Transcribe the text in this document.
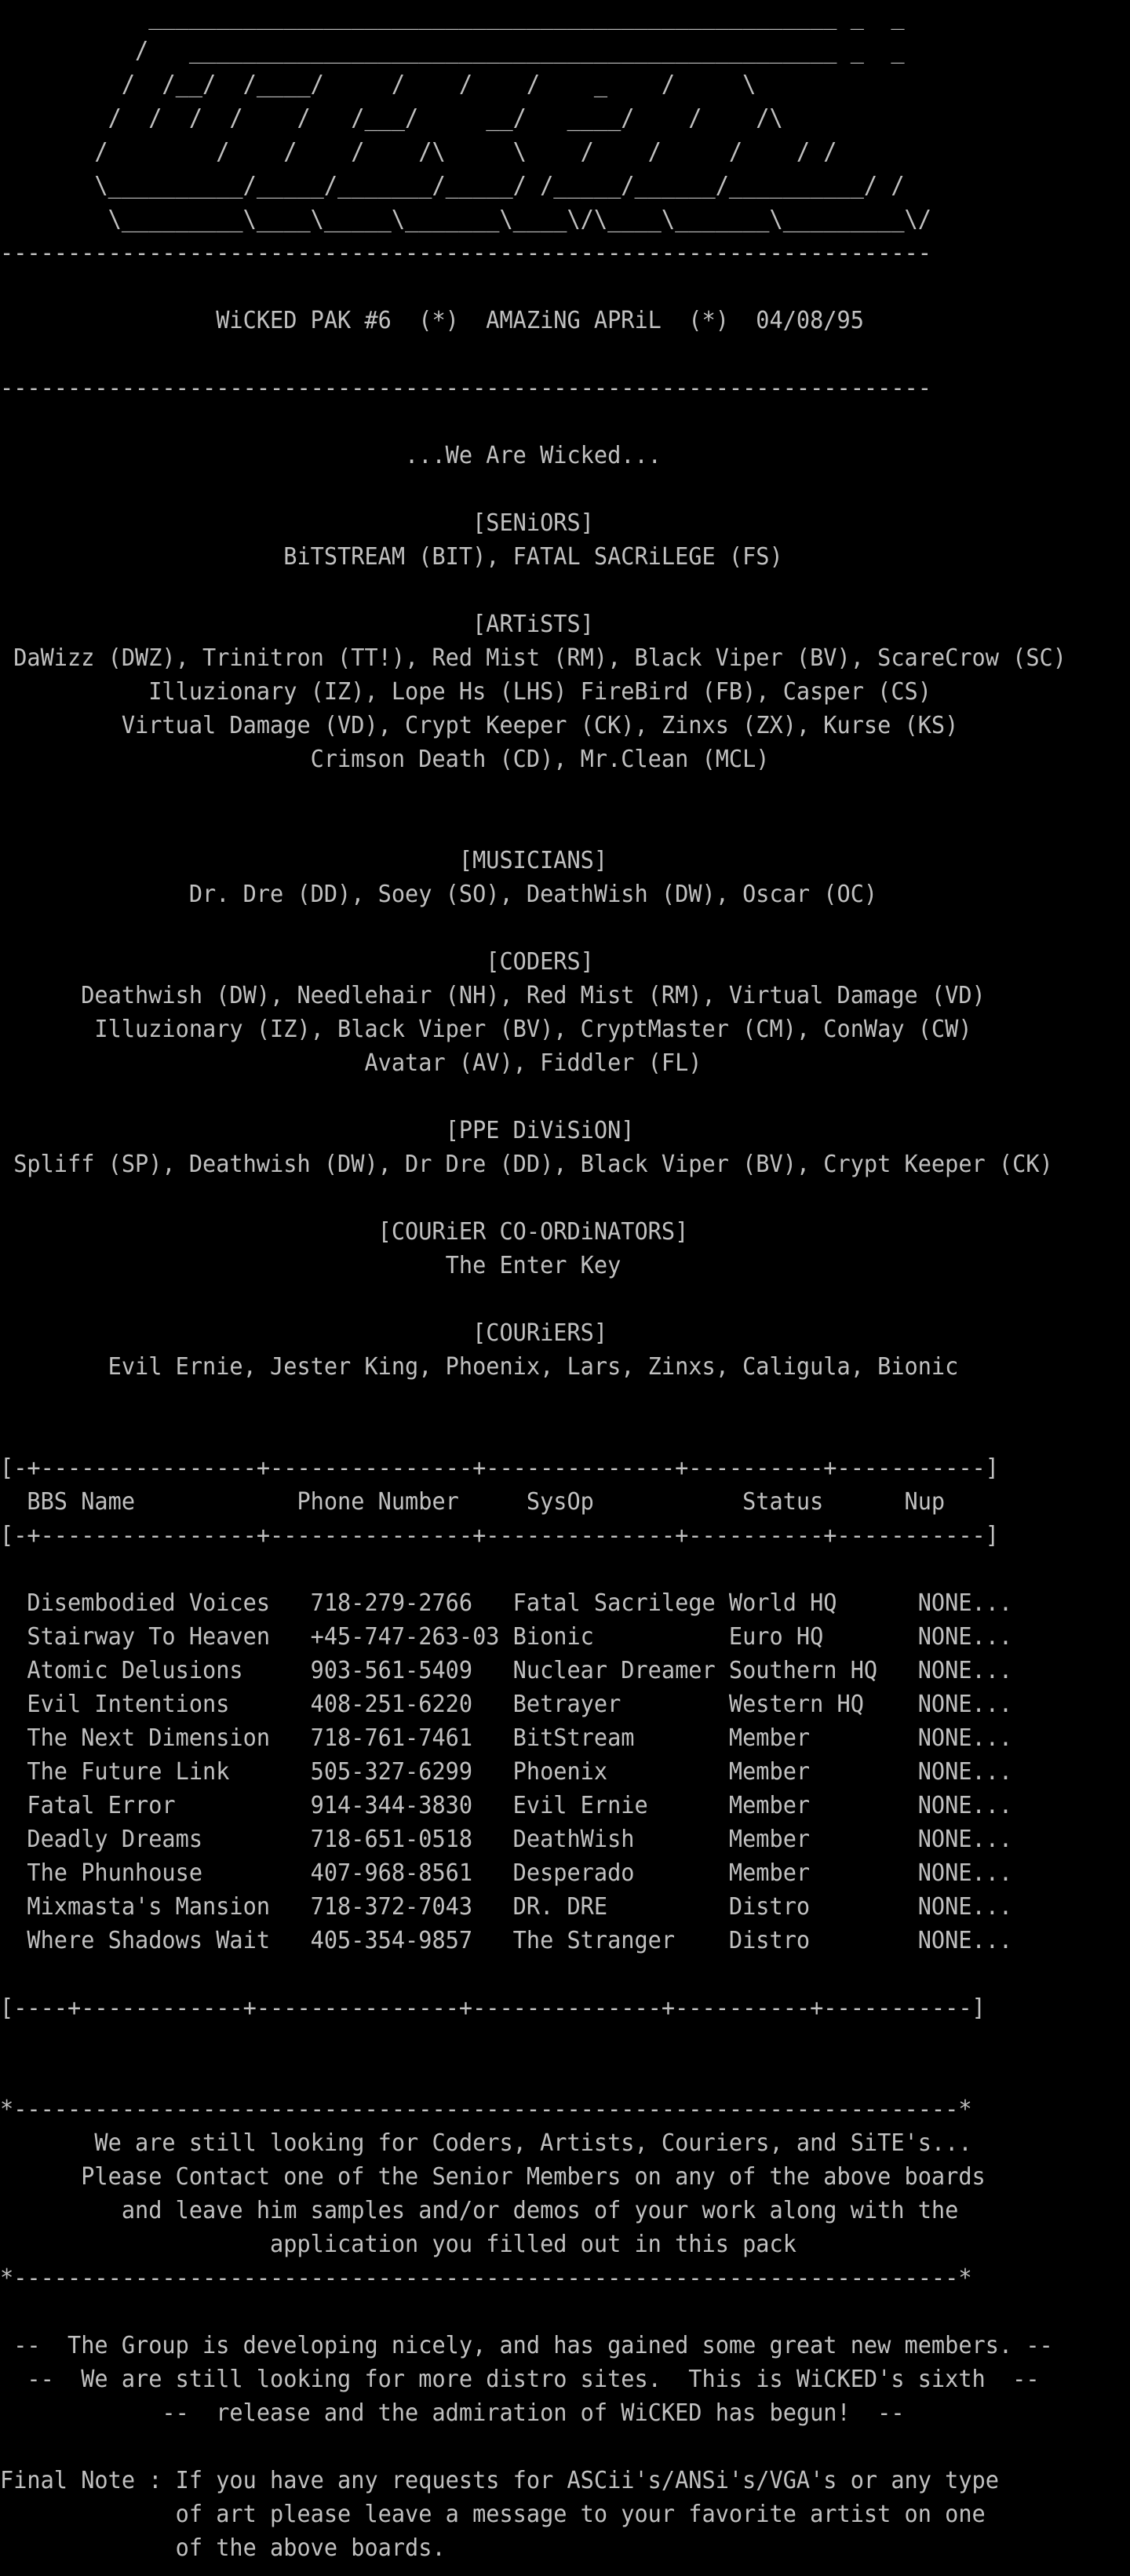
___________________________________________________ _  _
/   ________________________________________________ _  _
/  /__/  /____/     /    /    /    _    /     \
/  /  /  /    /   /___/     __/   ____/    /    /\
/        /    /    /    /\     \    /    /     /    / /
\__________/_____/_______/_____/ /_____/______/__________/ /
\_________\____\_____\_______\____\/\____\_______\_________\/
---------------------------------------------------------------------
WiCKED PAK #6  (*)  AMAZiNG APRiL  (*)  04/08/95
---------------------------------------------------------------------
...We Are Wicked...
[SENiORS]
BiTSTREAM (BIT), FATAL SACRiLEGE (FS)
[ARTiSTS]
DaWizz (DWZ), Trinitron (TT!), Red Mist (RM), Black Viper (BV), ScareCrow (SC)
Illuzionary (IZ), Lope Hs (LHS) FireBird (FB), Casper (CS)
Virtual Damage (VD), Crypt Keeper (CK), Zinxs (ZX), Kurse (KS)
Crimson Death (CD), Mr.Clean (MCL)
[MUSICIANS]
Dr. Dre (DD), Soey (SO), DeathWish (DW), Oscar (OC)
[CODERS]
Deathwish (DW), Needlehair (NH), Red Mist (RM), Virtual Damage (VD)
Illuzionary (IZ), Black Viper (BV), CryptMaster (CM), ConWay (CW)
Avatar (AV), Fiddler (FL)
[PPE DiViSiON]
Spliff (SP), Deathwish (DW), Dr Dre (DD), Black Viper (BV), Crypt Keeper (CK)
[COURiER CO-ORDiNATORS]
The Enter Key
[COURiERS]
Evil Ernie, Jester King, Phoenix, Lars, Zinxs, Caligula, Bionic
[-+----------------+---------------+--------------+----------+-----------]
BBS Name            Phone Number     SysOp           Status      Nup
[-+----------------+---------------+--------------+----------+-----------]
Disembodied Voices   718-279-2766   Fatal Sacrilege World HQ      NONE...
Stairway To Heaven   +45-747-263-03 Bionic          Euro HQ       NONE...
Atomic Delusions     903-561-5409   Nuclear Dreamer Southern HQ   NONE...
Evil Intentions      408-251-6220   Betrayer        Western HQ    NONE...
The Next Dimension   718-761-7461   BitStream       Member        NONE...
The Future Link      505-327-6299   Phoenix         Member        NONE...
Fatal Error          914-344-3830   Evil Ernie      Member        NONE...
Deadly Dreams        718-651-0518   DeathWish       Member        NONE...
The Phunhouse        407-968-8561   Desperado       Member        NONE...
Mixmasta's Mansion   718-372-7043   DR. DRE         Distro        NONE...
Where Shadows Wait   405-354-9857   The Stranger    Distro        NONE...
[----+------------+---------------+--------------+----------+-----------]
*----------------------------------------------------------------------*
We are still looking for Coders, Artists, Couriers, and SiTE's...
Please Contact one of the Senior Members on any of the above boards
and leave him samples and/or demos of your work along with the
application you filled out in this pack
*----------------------------------------------------------------------*
--  The Group is developing nicely, and has gained some great new members. --
--  We are still looking for more distro sites.  This is WiCKED's sixth  --
--  release and the admiration of WiCKED has begun!  --
Final Note : If you have any requests for ASCii's/ANSi's/VGA's or any type
of art please leave a message to your favorite artist on one
of the above boards.
